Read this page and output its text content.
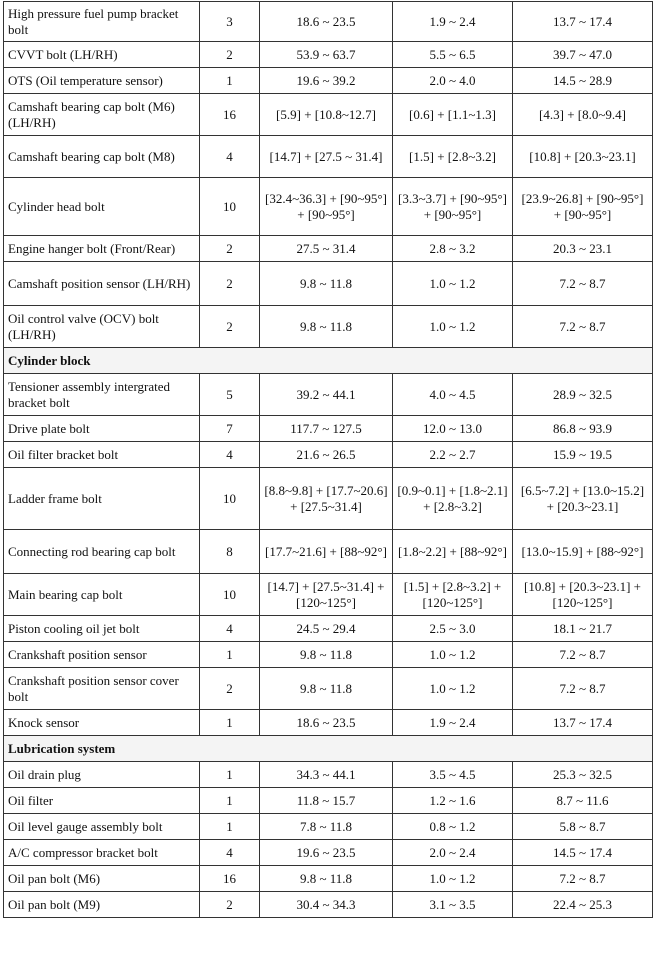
High pressure fuel pump bracket bolt	3	18.6 ~ 23.5	1.9 ~ 2.4	13.7 ~ 17.4
CVVT bolt (LH/RH)	2	53.9 ~ 63.7	5.5 ~ 6.5	39.7 ~ 47.0
OTS (Oil temperature sensor)	1	19.6 ~ 39.2	2.0 ~ 4.0	14.5 ~ 28.9
Camshaft bearing cap bolt (M6) (LH/RH)	16	[5.9] + [10.8~12.7]	[0.6] + [1.1~1.3]	[4.3] + [8.0~9.4]
Camshaft bearing cap bolt (M8)	4	[14.7] + [27.5 ~ 31.4]	[1.5] + [2.8~3.2]	[10.8] + [20.3~23.1]
Cylinder head bolt	10	[32.4~36.3] + [90~95°] + [90~95°]	[3.3~3.7] + [90~95°] + [90~95°]	[23.9~26.8] + [90~95°] + [90~95°]
Engine hanger bolt (Front/Rear)	2	27.5 ~ 31.4	2.8 ~ 3.2	20.3 ~ 23.1
Camshaft position sensor (LH/RH)	2	9.8 ~ 11.8	1.0 ~ 1.2	7.2 ~ 8.7
Oil control valve (OCV) bolt (LH/RH)	2	9.8 ~ 11.8	1.0 ~ 1.2	7.2 ~ 8.7
Cylinder block				
Tensioner assembly intergrated bracket bolt	5	39.2 ~ 44.1	4.0 ~ 4.5	28.9 ~ 32.5
Drive plate bolt	7	117.7 ~ 127.5	12.0 ~ 13.0	86.8 ~ 93.9
Oil filter bracket bolt	4	21.6 ~ 26.5	2.2 ~ 2.7	15.9 ~ 19.5
Ladder frame bolt	10	[8.8~9.8] + [17.7~20.6] + [27.5~31.4]	[0.9~0.1] + [1.8~2.1] + [2.8~3.2]	[6.5~7.2] + [13.0~15.2] + [20.3~23.1]
Connecting rod bearing cap bolt	8	[17.7~21.6] + [88~92°]	[1.8~2.2] + [88~92°]	[13.0~15.9] + [88~92°]
Main bearing cap bolt	10	[14.7] + [27.5~31.4] + [120~125°]	[1.5] + [2.8~3.2] + [120~125°]	[10.8] + [20.3~23.1] + [120~125°]
Piston cooling oil jet bolt	4	24.5 ~ 29.4	2.5 ~ 3.0	18.1 ~ 21.7
Crankshaft position sensor	1	9.8 ~ 11.8	1.0 ~ 1.2	7.2 ~ 8.7
Crankshaft position sensor cover bolt	2	9.8 ~ 11.8	1.0 ~ 1.2	7.2 ~ 8.7
Knock sensor	1	18.6 ~ 23.5	1.9 ~ 2.4	13.7 ~ 17.4
Lubrication system				
Oil drain plug	1	34.3 ~ 44.1	3.5 ~ 4.5	25.3 ~ 32.5
Oil filter	1	11.8 ~ 15.7	1.2 ~ 1.6	8.7 ~ 11.6
Oil level gauge assembly bolt	1	7.8 ~ 11.8	0.8 ~ 1.2	5.8 ~ 8.7
A/C compressor bracket bolt	4	19.6 ~ 23.5	2.0 ~ 2.4	14.5 ~ 17.4
Oil pan bolt (M6)	16	9.8 ~ 11.8	1.0 ~ 1.2	7.2 ~ 8.7
Oil pan bolt (M9)	2	30.4 ~ 34.3	3.1 ~ 3.5	22.4 ~ 25.3
